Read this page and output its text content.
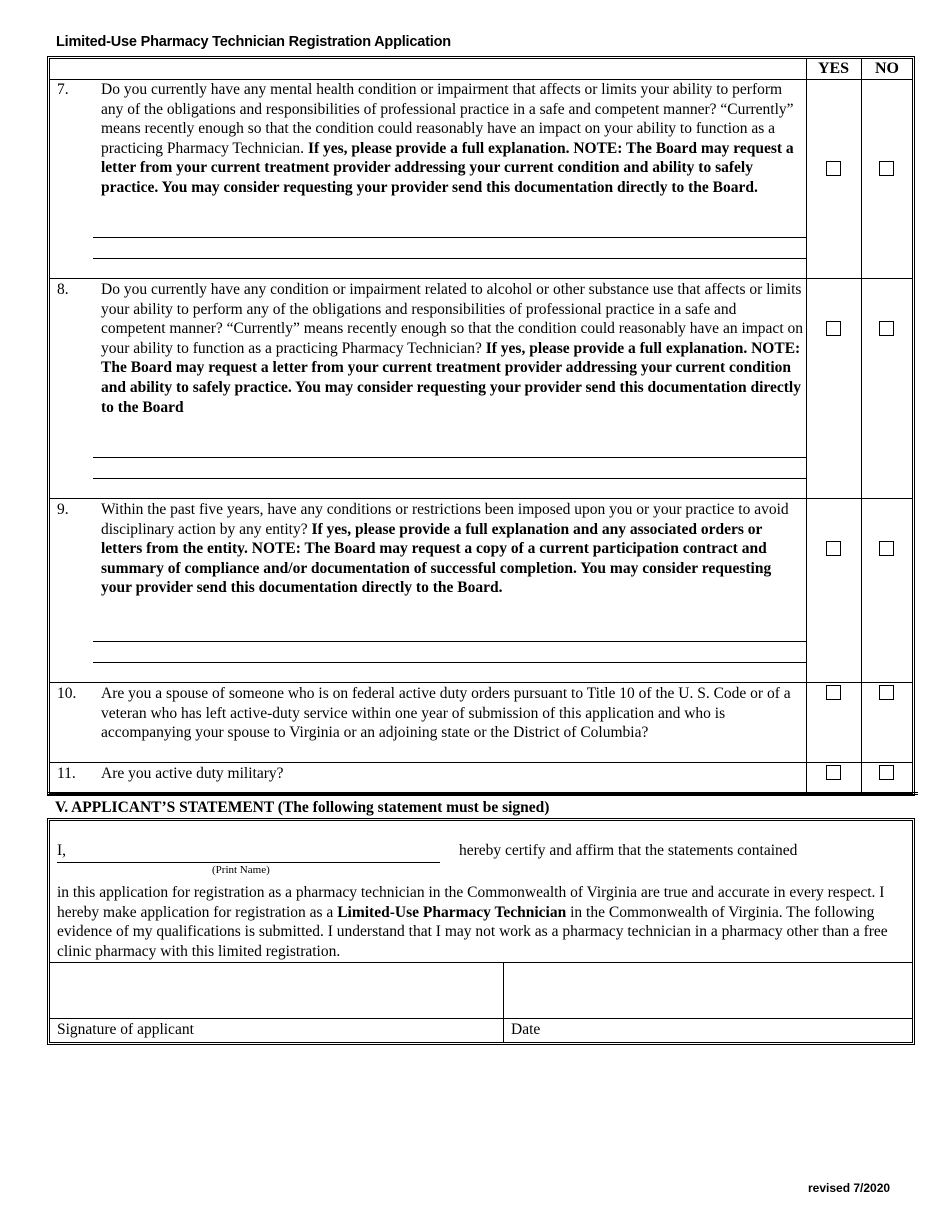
Limited-Use Pharmacy Technician Registration Application
YES	NO
7. Do you currently have any mental health condition or impairment that affects or limits your ability to perform any of the obligations and responsibilities of professional practice in a safe and competent manner? “Currently” means recently enough so that the condition could reasonably have an impact on your ability to function as a practicing Pharmacy Technician. If yes, please provide a full explanation. NOTE: The Board may request a letter from your current treatment provider addressing your current condition and ability to safely practice. You may consider requesting your provider send this documentation directly to the Board.
8. Do you currently have any condition or impairment related to alcohol or other substance use that affects or limits your ability to perform any of the obligations and responsibilities of professional practice in a safe and competent manner? “Currently” means recently enough so that the condition could reasonably have an impact on your ability to function as a practicing Pharmacy Technician? If yes, please provide a full explanation. NOTE: The Board may request a letter from your current treatment provider addressing your current condition and ability to safely practice. You may consider requesting your provider send this documentation directly to the Board
9. Within the past five years, have any conditions or restrictions been imposed upon you or your practice to avoid disciplinary action by any entity? If yes, please provide a full explanation and any associated orders or letters from the entity. NOTE: The Board may request a copy of a current participation contract and summary of compliance and/or documentation of successful completion. You may consider requesting your provider send this documentation directly to the Board.
10. Are you a spouse of someone who is on federal active duty orders pursuant to Title 10 of the U. S. Code or of a veteran who has left active-duty service within one year of submission of this application and who is accompanying your spouse to Virginia or an adjoining state or the District of Columbia?
11. Are you active duty military?
V. APPLICANT’S STATEMENT (The following statement must be signed)
I,	hereby certify and affirm that the statements contained
(Print Name)
in this application for registration as a pharmacy technician in the Commonwealth of Virginia are true and accurate in every respect. I hereby make application for registration as a Limited-Use Pharmacy Technician in the Commonwealth of Virginia. The following evidence of my qualifications is submitted. I understand that I may not work as a pharmacy technician in a pharmacy other than a free clinic pharmacy with this limited registration.
Signature of applicant	Date
revised 7/2020
